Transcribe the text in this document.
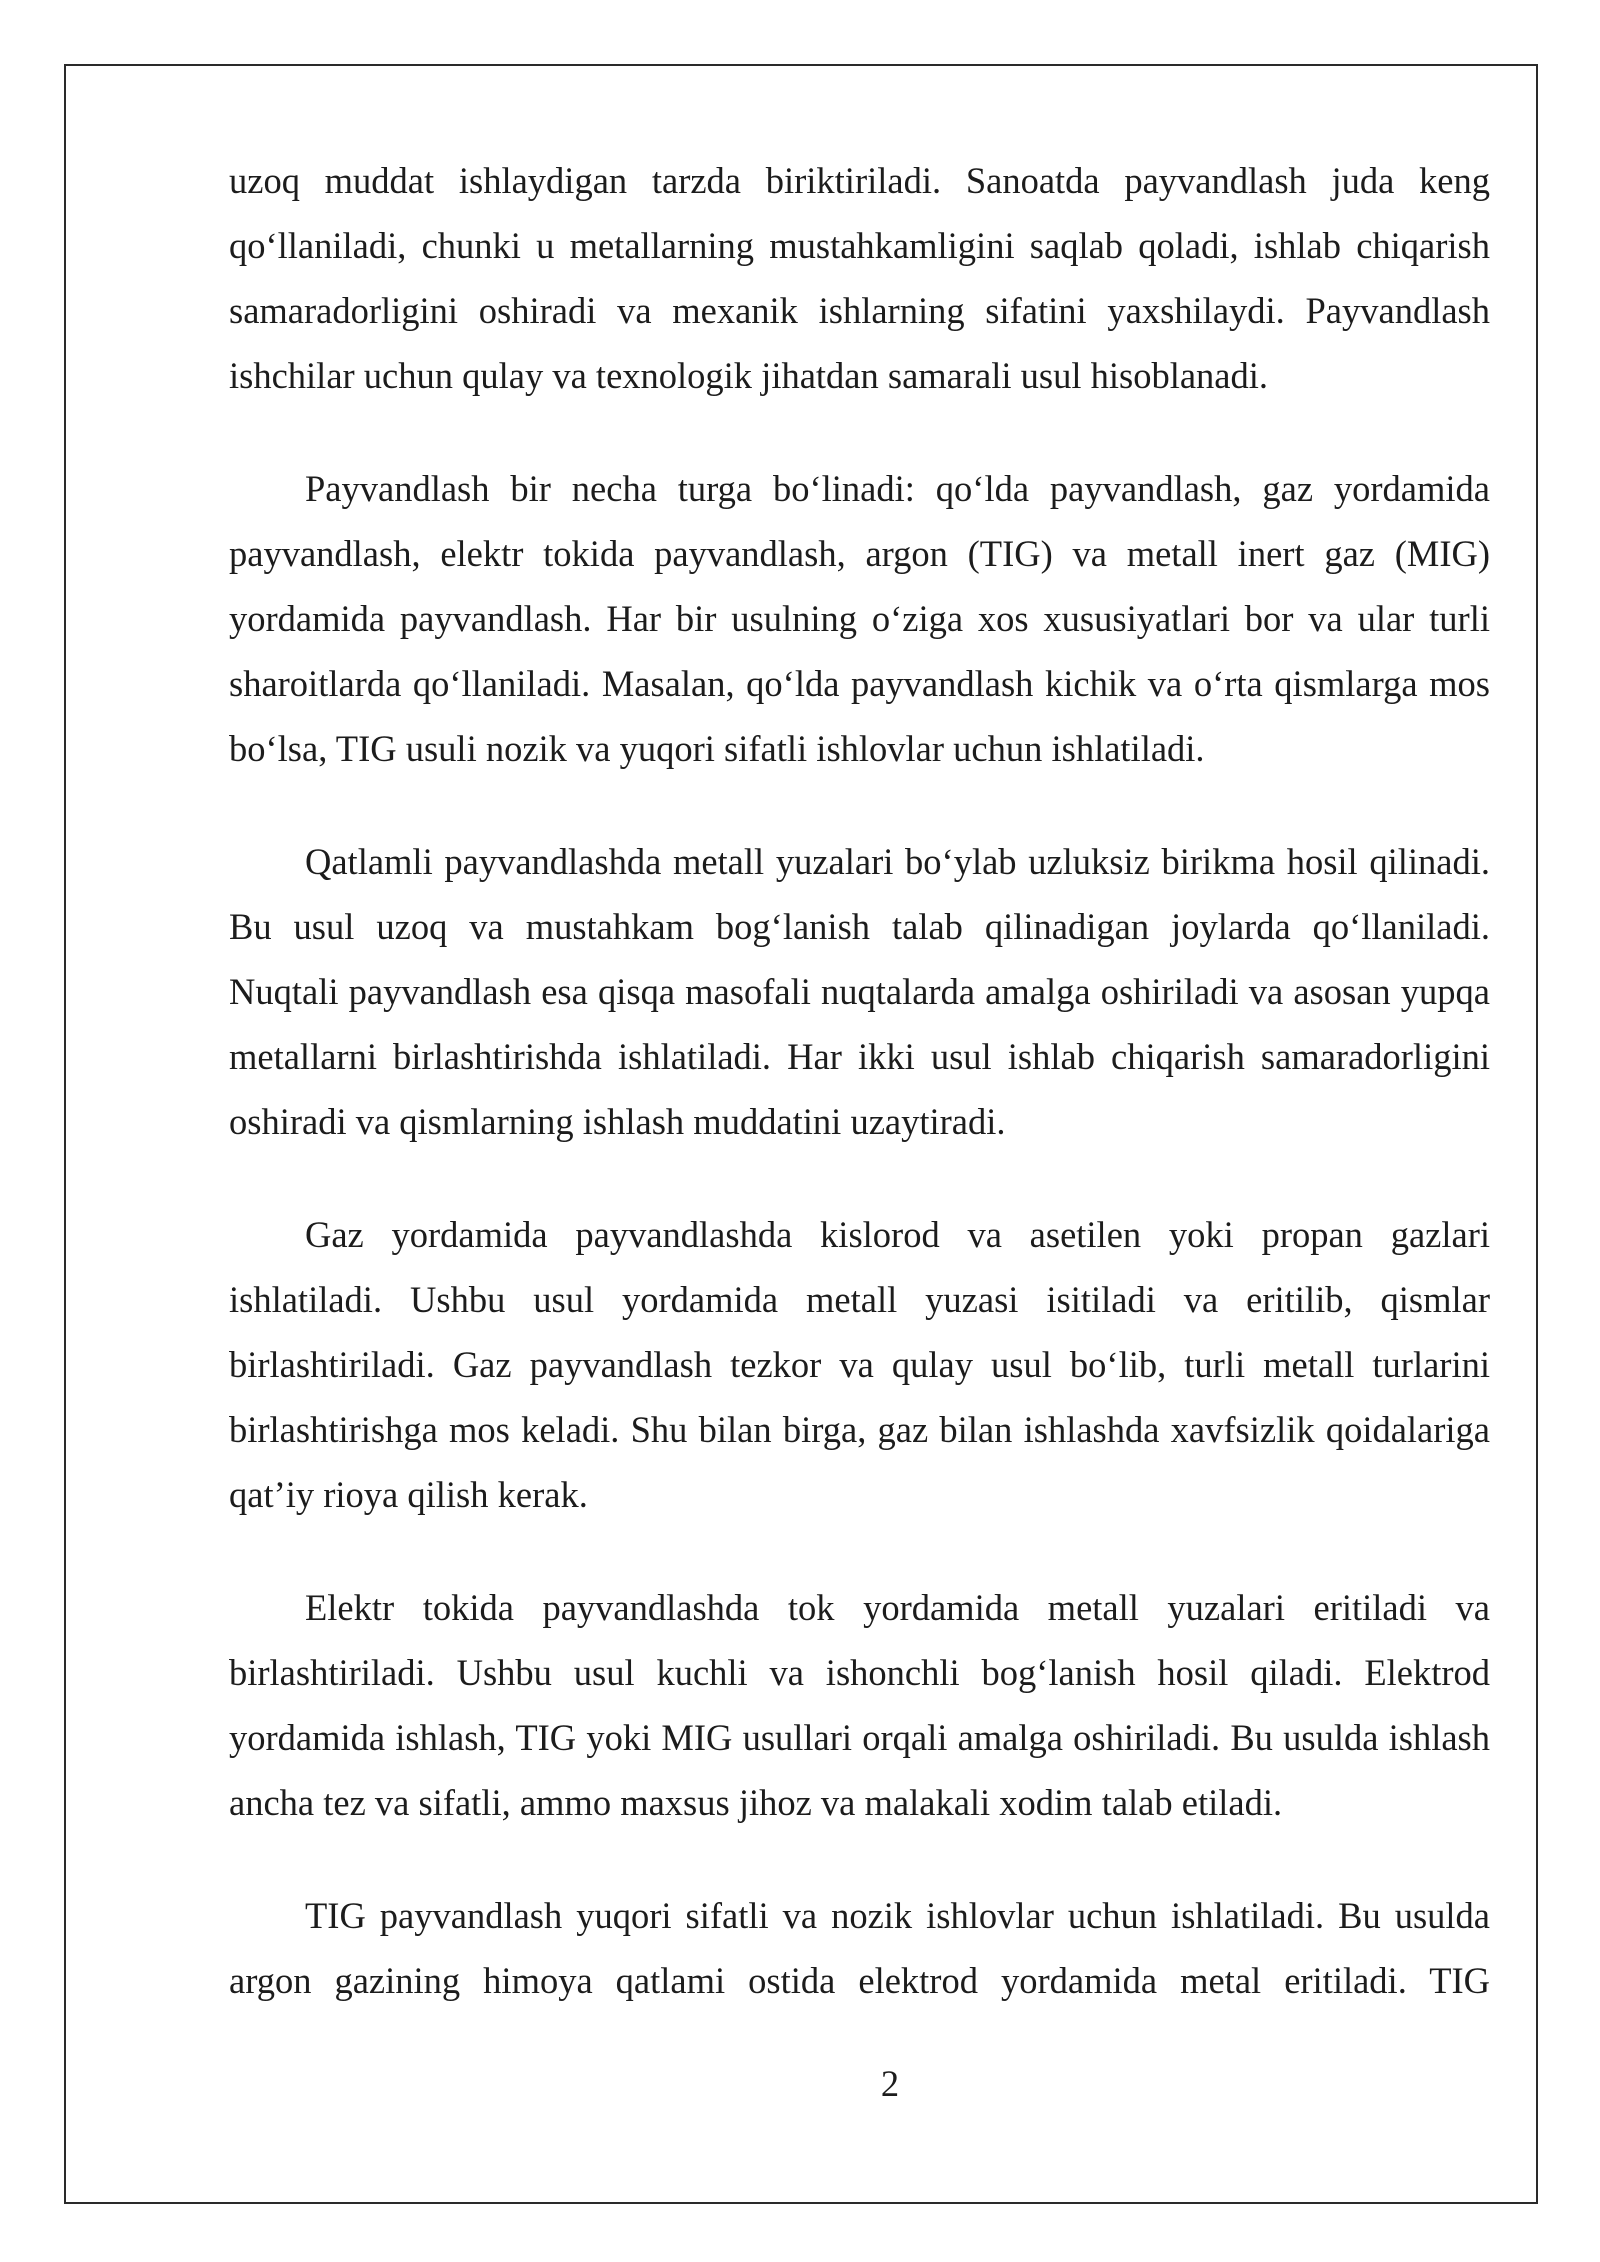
uzoq muddat ishlaydigan tarzda biriktiriladi. Sanoatda payvandlash juda keng qo‘llaniladi, chunki u metallarning mustahkamligini saqlab qoladi, ishlab chiqarish samaradorligini oshiradi va mexanik ishlarning sifatini yaxshilaydi. Payvandlash ishchilar uchun qulay va texnologik jihatdan samarali usul hisoblanadi.

Payvandlash bir necha turga bo‘linadi: qo‘lda payvandlash, gaz yordamida payvandlash, elektr tokida payvandlash, argon (TIG) va metall inert gaz (MIG) yordamida payvandlash. Har bir usulning o‘ziga xos xususiyatlari bor va ular turli sharoitlarda qo‘llaniladi. Masalan, qo‘lda payvandlash kichik va o‘rta qismlarga mos bo‘lsa, TIG usuli nozik va yuqori sifatli ishlovlar uchun ishlatiladi.

Qatlamli payvandlashda metall yuzalari bo‘ylab uzluksiz birikma hosil qilinadi. Bu usul uzoq va mustahkam bog‘lanish talab qilinadigan joylarda qo‘llaniladi. Nuqtali payvandlash esa qisqa masofali nuqtalarda amalga oshiriladi va asosan yupqa metallarni birlashtirishda ishlatiladi. Har ikki usul ishlab chiqarish samaradorligini oshiradi va qismlarning ishlash muddatini uzaytiradi.

Gaz yordamida payvandlashda kislorod va asetilen yoki propan gazlari ishlatiladi. Ushbu usul yordamida metall yuzasi isitiladi va eritilib, qismlar birlashtiriladi. Gaz payvandlash tezkor va qulay usul bo‘lib, turli metall turlarini birlashtirishga mos keladi. Shu bilan birga, gaz bilan ishlashda xavfsizlik qoidalariga qat’iy rioya qilish kerak.

Elektr tokida payvandlashda tok yordamida metall yuzalari eritiladi va birlashtiriladi. Ushbu usul kuchli va ishonchli bog‘lanish hosil qiladi. Elektrod yordamida ishlash, TIG yoki MIG usullari orqali amalga oshiriladi. Bu usulda ishlash ancha tez va sifatli, ammo maxsus jihoz va malakali xodim talab etiladi.

TIG payvandlash yuqori sifatli va nozik ishlovlar uchun ishlatiladi. Bu usulda argon gazining himoya qatlami ostida elektrod yordamida metal eritiladi. TIG

2
